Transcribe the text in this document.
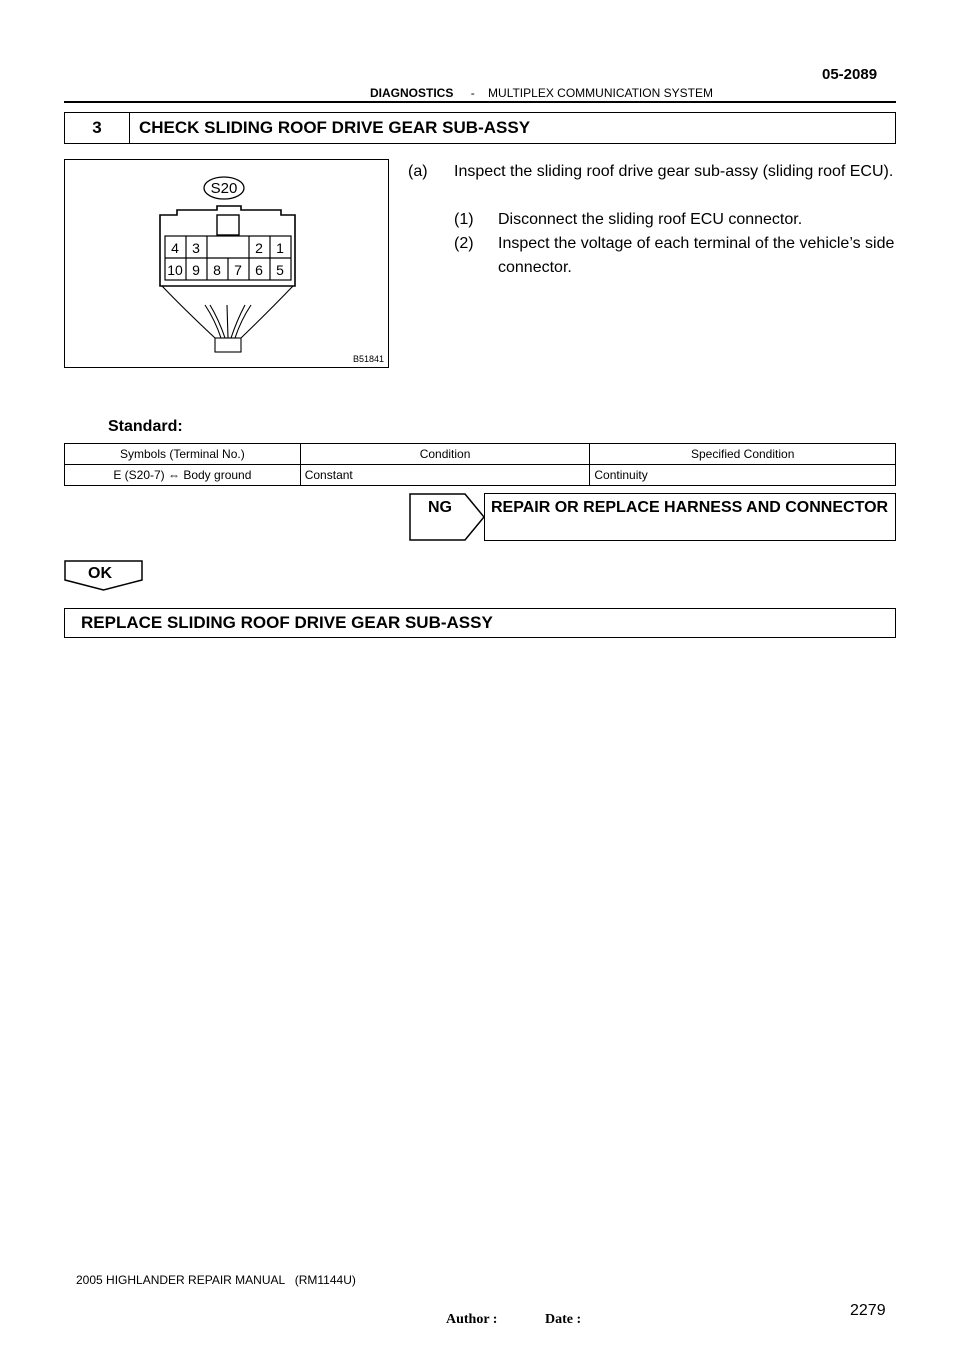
05-2089
DIAGNOSTICS - MULTIPLEX COMMUNICATION SYSTEM
3	CHECK SLIDING ROOF DRIVE GEAR SUB-ASSY
S20
4 3	2 1
10 9 8 7 6 5
B51841
(a) Inspect the sliding roof drive gear sub-assy (sliding roof ECU).
(1) Disconnect the sliding roof ECU connector.
(2) Inspect the voltage of each terminal of the vehicle’s side connector.
Standard:
Symbols (Terminal No.)	Condition	Specified Condition
E (S20-7) ⇔ Body ground	Constant	Continuity
NG REPAIR OR REPLACE HARNESS AND CONNECTOR
OK
REPLACE SLIDING ROOF DRIVE GEAR SUB-ASSY
2005 HIGHLANDER REPAIR MANUAL   (RM1144U)
Author :	Date :
2279
